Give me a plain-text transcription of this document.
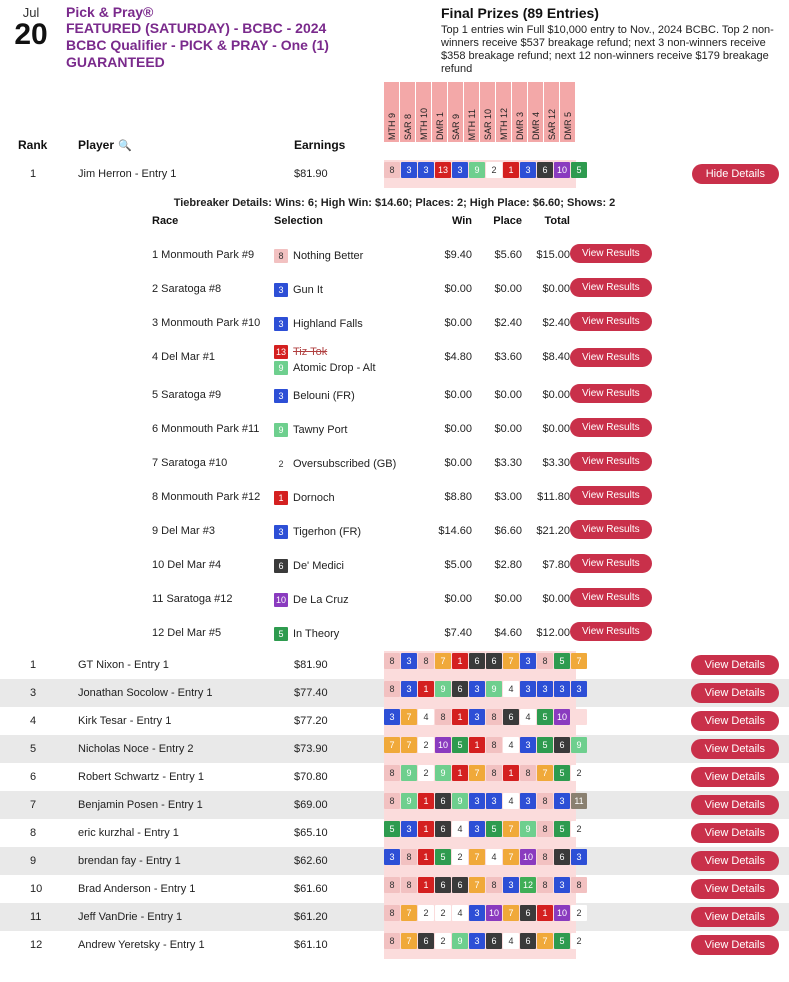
Jul
20
Pick & Pray®
FEATURED (SATURDAY) - BCBC - 2024
BCBC Qualifier - PICK & PRAY - One (1)
GUARANTEED
Final Prizes (89 Entries)
Top 1 entries win Full $10,000 entry to Nov., 2024 BCBC. Top 2 non-winners receive $537 breakage refund; next 3 non-winners receive $358 breakage refund; next 12 non-winners receive $179 breakage refund
MTH 9 SAR 8 MTH 10 DMR 1 SAR 9 MTH 11 SAR 10 MTH 12 DMR 3 DMR 4 SAR 12 DMR 5
Rank	Player 🔍	Earnings
1	Jim Herron - Entry 1	$81.90	8	3	3	13	3	9	2	1	3	6	10	5	Hide Details
Tiebreaker Details: Wins: 6; High Win: $14.60; Places: 2; High Place: $6.60; Shows: 2
Race	Selection	Win	Place	Total
1 Monmouth Park #9	8 Nothing Better	$9.40	$5.60	$15.00	View Results
2 Saratoga #8	3 Gun It	$0.00	$0.00	$0.00	View Results
3 Monmouth Park #10	3 Highland Falls	$0.00	$2.40	$2.40	View Results
4 Del Mar #1	13 Tiz Tok
9 Atomic Drop - Alt
$4.80	$3.60	$8.40	View Results
5 Saratoga #9	3 Belouni (FR)	$0.00	$0.00	$0.00	View Results
6 Monmouth Park #11	9 Tawny Port	$0.00	$0.00	$0.00	View Results
7 Saratoga #10	2 Oversubscribed (GB)	$0.00	$3.30	$3.30	View Results
8 Monmouth Park #12	1 Dornoch	$8.80	$3.00	$11.80	View Results
9 Del Mar #3	3 Tigerhon (FR)	$14.60	$6.60	$21.20	View Results
10 Del Mar #4	6 De' Medici	$5.00	$2.80	$7.80	View Results
11 Saratoga #12	10 De La Cruz	$0.00	$0.00	$0.00	View Results
12 Del Mar #5	5 In Theory	$7.40	$4.60	$12.00	View Results
1	GT Nixon - Entry 1	$81.90	8	3	8	7	1	6	6	7	3	8	5	7	View Details
3	Jonathan Socolow - Entry 1	$77.40	8	3	1	9	6	3	9	4	3	3	3	3	View Details
4	Kirk Tesar - Entry 1	$77.20	3	7	4	8	1	3	8	6	4	5	10	View Details
5	Nicholas Noce - Entry 2	$73.90	7	7	2	10	5	1	8	4	3	5	6	9	View Details
6	Robert Schwartz - Entry 1	$70.80	8	9	2	9	1	7	8	1	8	7	5	2	View Details
7	Benjamin Posen - Entry 1	$69.00	8	9	1	6	9	3	3	4	3	8	3	11	View Details
8	eric kurzhal - Entry 1	$65.10	5	3	1	6	4	3	5	7	9	8	5	2	View Details
9	brendan fay - Entry 1	$62.60	3	8	1	5	2	7	4	7	10	8	6	3	View Details
10	Brad Anderson - Entry 1	$61.60	8	8	1	6	6	7	8	3	12	8	3	8	View Details
11	Jeff VanDrie - Entry 1	$61.20	8	7	2	2	4	3	10	7	6	1	10	2	View Details
12	Andrew Yeretsky - Entry 1	$61.10	8	7	6	2	9	3	6	4	6	7	5	2	View Details
